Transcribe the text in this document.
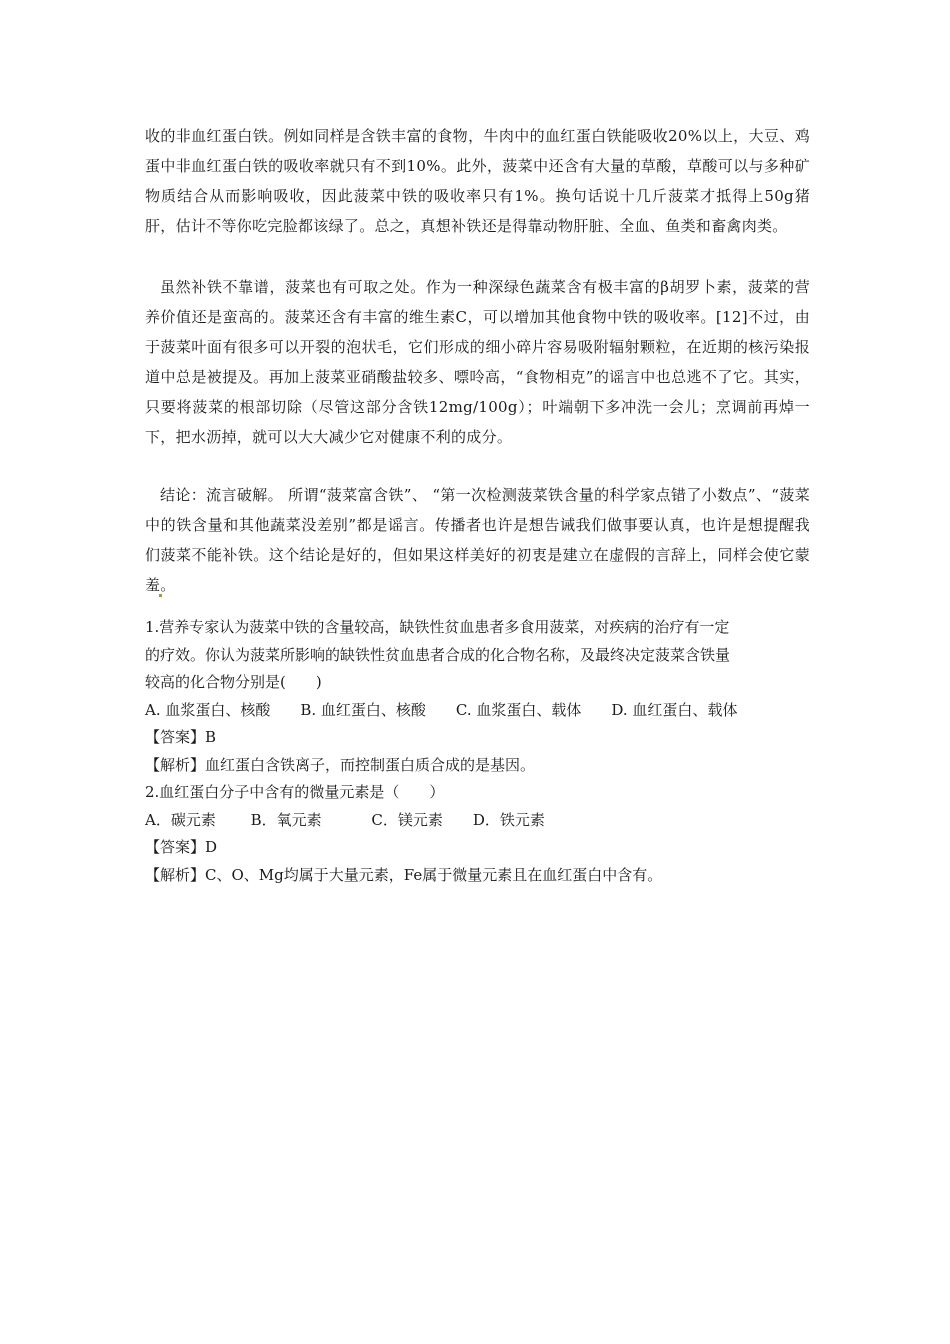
收的非血红蛋白铁。例如同样是含铁丰富的食物，牛肉中的血红蛋白铁能吸收20%以上，大豆、鸡蛋中非血红蛋白铁的吸收率就只有不到10%。此外，菠菜中还含有大量的草酸，草酸可以与多种矿物质结合从而影响吸收，因此菠菜中铁的吸收率只有1%。换句话说十几斤菠菜才抵得上50g猪肝，估计不等你吃完脸都该绿了。总之，真想补铁还是得靠动物肝脏、全血、鱼类和畜禽肉类。

虽然补铁不靠谱，菠菜也有可取之处。作为一种深绿色蔬菜含有极丰富的β胡罗卜素，菠菜的营养价值还是蛮高的。菠菜还含有丰富的维生素C，可以增加其他食物中铁的吸收率。[12]不过，由于菠菜叶面有很多可以开裂的泡状毛，它们形成的细小碎片容易吸附辐射颗粒，在近期的核污染报道中总是被提及。再加上菠菜亚硝酸盐较多、嘌呤高，“食物相克”的谣言中也总逃不了它。其实，只要将菠菜的根部切除（尽管这部分含铁12mg/100g）；叶端朝下多冲洗一会儿；烹调前再焯一下，把水沥掉，就可以大大减少它对健康不利的成分。

结论：流言破解。 所谓“菠菜富含铁”、 “第一次检测菠菜铁含量的科学家点错了小数点”、“菠菜中的铁含量和其他蔬菜没差别”都是谣言。传播者也许是想告诫我们做事要认真，也许是想提醒我们菠菜不能补铁。这个结论是好的，但如果这样美好的初衷是建立在虚假的言辞上，同样会使它蒙羞。

1.营养专家认为菠菜中铁的含量较高，缺铁性贫血患者多食用菠菜，对疾病的治疗有一定
的疗效。你认为菠菜所影响的缺铁性贫血患者合成的化合物名称，及最终决定菠菜含铁量
较高的化合物分别是(　　)
A. 血浆蛋白、核酸　　B. 血红蛋白、核酸　　C. 血浆蛋白、载体　　D. 血红蛋白、载体
【答案】B
【解析】血红蛋白含铁离子，而控制蛋白质合成的是基因。
2.血红蛋白分子中含有的微量元素是（　　）
A．碳元素　　 B．氧元素　　　 C．镁元素　　D．铁元素
【答案】D
【解析】C、O、Mg均属于大量元素，Fe属于微量元素且在血红蛋白中含有。
